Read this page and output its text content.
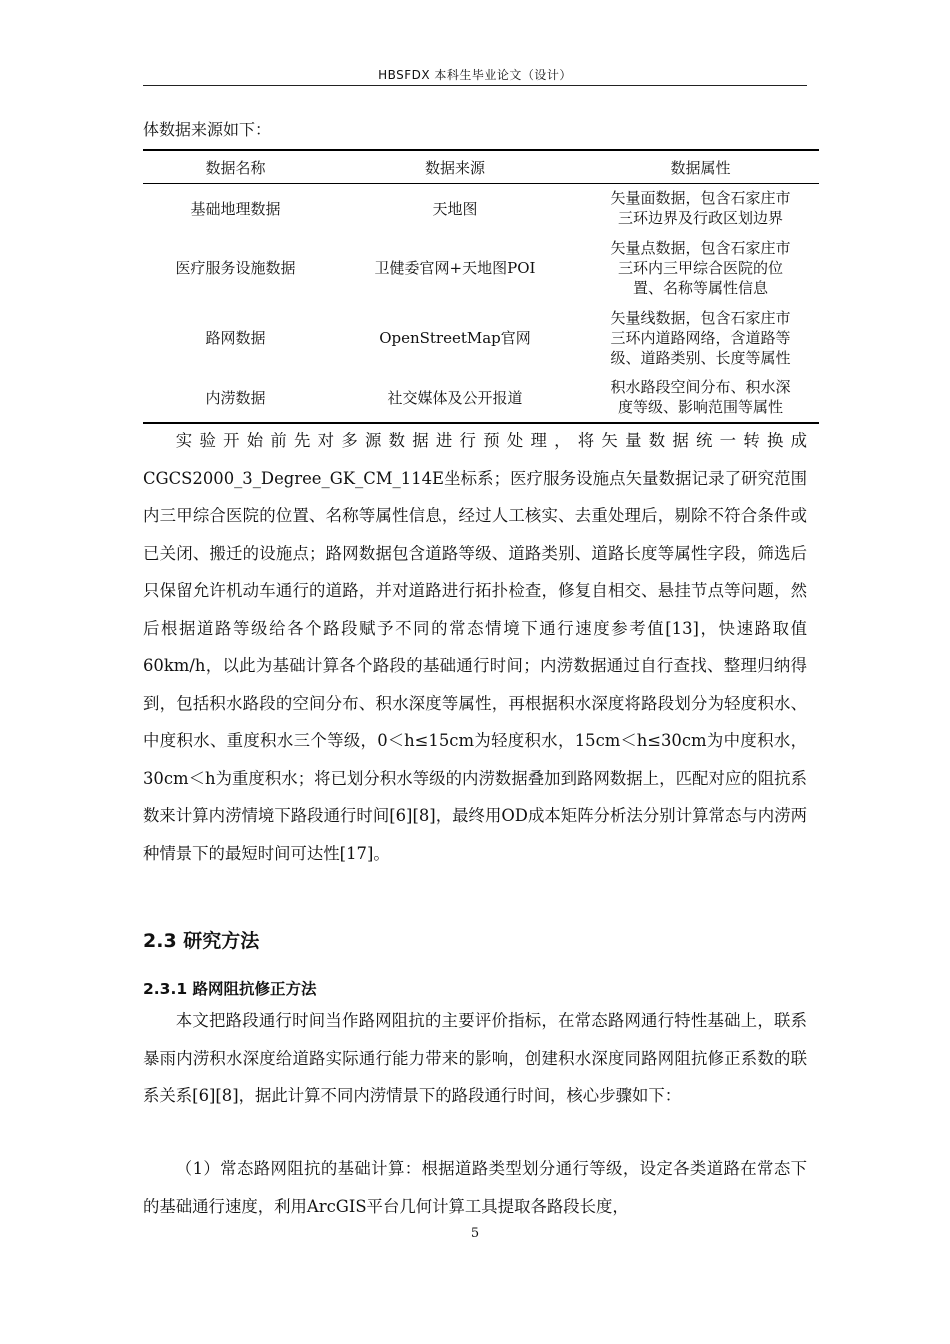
HBSFDX 本科生毕业论文（设计）
体数据来源如下：
数据名称	数据来源	数据属性
基础地理数据	天地图	矢量面数据，包含石家庄市
三环边界及行政区划边界
医疗服务设施数据	卫健委官网+天地图POI	矢量点数据，包含石家庄市
三环内三甲综合医院的位
置、名称等属性信息
路网数据	OpenStreetMap官网	矢量线数据，包含石家庄市
三环内道路网络，含道路等
级、道路类别、长度等属性
内涝数据	社交媒体及公开报道	积水路段空间分布、积水深
度等级、影响范围等属性

实验开始前先对多源数据进行预处理，将矢量数据统一转换成CGCS2000_3_Degree_GK_CM_114E坐标系；医疗服务设施点矢量数据记录了研究范围内三甲综合医院的位置、名称等属性信息，经过人工核实、去重处理后，剔除不符合条件或已关闭、搬迁的设施点；路网数据包含道路等级、道路类别、道路长度等属性字段，筛选后只保留允许机动车通行的道路，并对道路进行拓扑检查，修复自相交、悬挂节点等问题，然后根据道路等级给各个路段赋予不同的常态情境下通行速度参考值[13]，快速路取值60km/h，以此为基础计算各个路段的基础通行时间；内涝数据通过自行查找、整理归纳得到，包括积水路段的空间分布、积水深度等属性，再根据积水深度将路段划分为轻度积水、中度积水、重度积水三个等级，0＜h≤15cm为轻度积水，15cm＜h≤30cm为中度积水，30cm＜h为重度积水；将已划分积水等级的内涝数据叠加到路网数据上，匹配对应的阻抗系数来计算内涝情境下路段通行时间[6][8]，最终用OD成本矩阵分析法分别计算常态与内涝两种情景下的最短时间可达性[17]。

2.3 研究方法
2.3.1 路网阻抗修正方法

本文把路段通行时间当作路网阻抗的主要评价指标，在常态路网通行特性基础上，联系暴雨内涝积水深度给道路实际通行能力带来的影响，创建积水深度同路网阻抗修正系数的联系关系[6][8]，据此计算不同内涝情景下的路段通行时间，核心步骤如下：

（1）常态路网阻抗的基础计算：根据道路类型划分通行等级，设定各类道路在常态下的基础通行速度，利用ArcGIS平台几何计算工具提取各路段长度，

5
